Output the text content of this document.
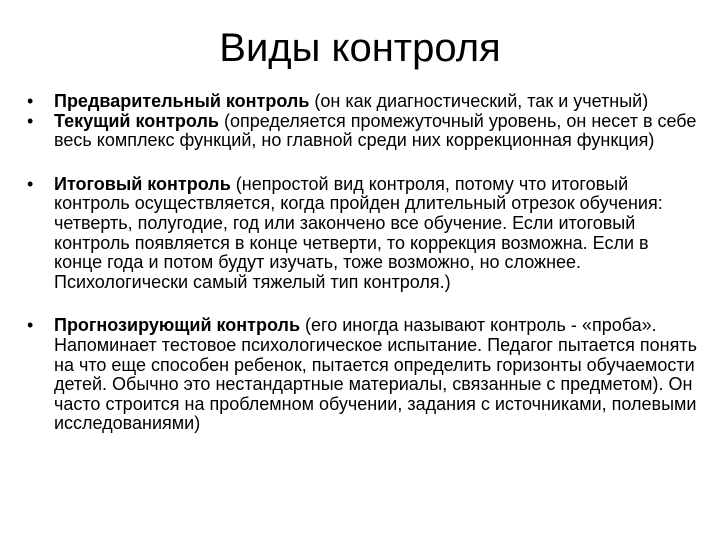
Виды контроля
•	Предварительный контроль (он как диагностический, так и учетный)
•	Текущий контроль (определяется промежуточный уровень, он несет в себе весь комплекс функций, но главной среди них коррекционная функция)
•	Итоговый контроль (непростой вид контроля, потому что итоговый контроль осуществляется, когда пройден длительный отрезок обучения: четверть, полугодие, год или закончено все обучение. Если итоговый контроль появляется в конце четверти, то коррекция возможна. Если в конце года и потом будут изучать, тоже возможно, но сложнее. Психологически самый тяжелый тип контроля.)
•	Прогнозирующий контроль (его иногда называют контроль - «проба». Напоминает тестовое психологическое испытание. Педагог пытается понять на что еще способен ребенок, пытается определить горизонты обучаемости детей. Обычно это нестандартные материалы, связанные с предметом). Он часто строится на проблемном обучении, задания с источниками, полевыми исследованиями)
